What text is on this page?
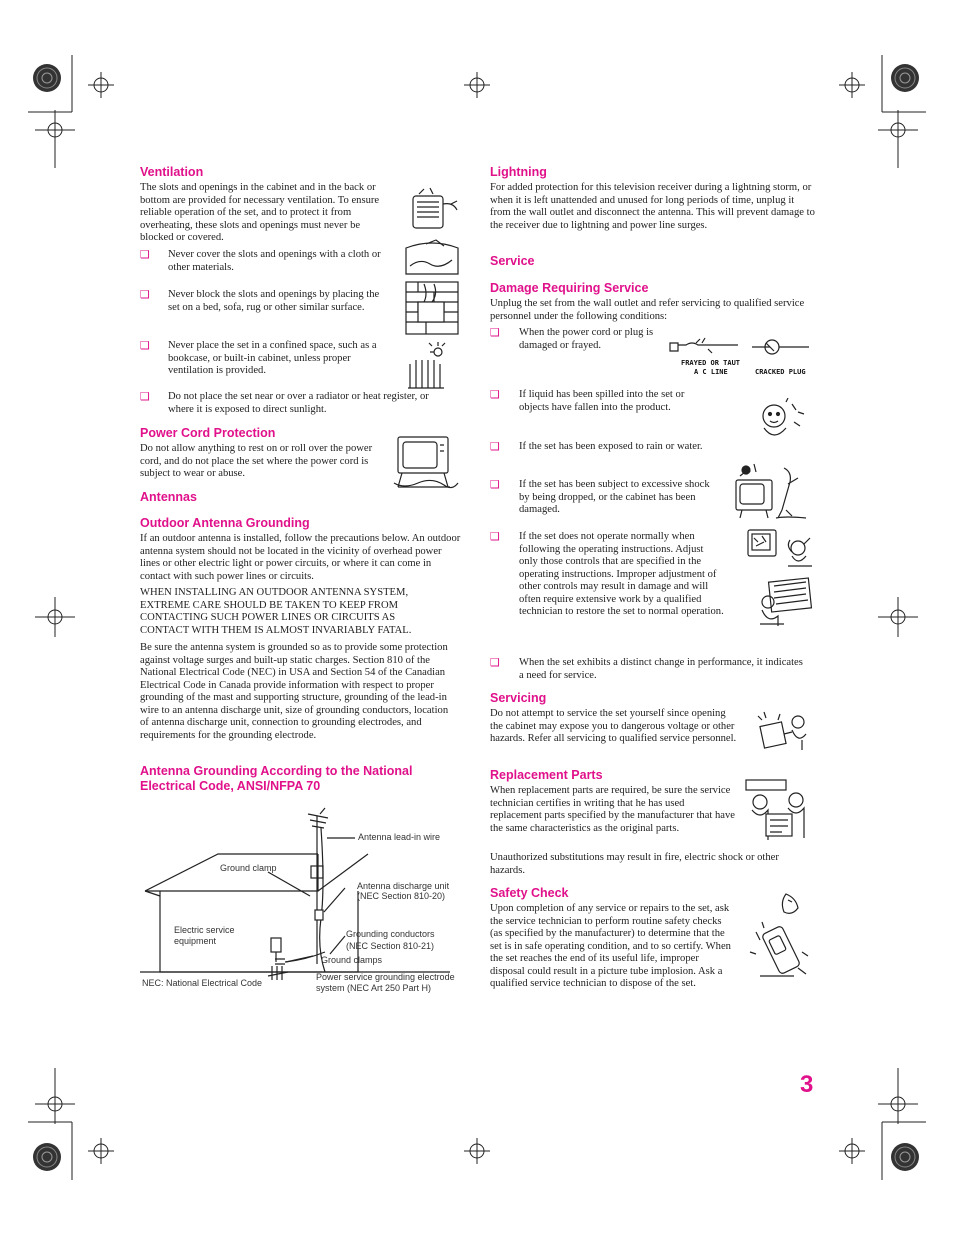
Ventilation
The slots and openings in the cabinet and in the back or bottom are provided for necessary ventilation. To ensure reliable operation of the set, and to protect it from overheating, these slots and openings must never be blocked or covered.
❑ Never cover the slots and openings with a cloth or other materials.
❑ Never block the slots and openings by placing the set on a bed, sofa, rug or other similar surface.
❑ Never place the set in a confined space, such as a bookcase, or built-in cabinet, unless proper ventilation is provided.
❑ Do not place the set near or over a radiator or heat register, or where it is exposed to direct sunlight.
Power Cord Protection
Do not allow anything to rest on or roll over the power cord, and do not place the set where the power cord is subject to wear or abuse.
Antennas
Outdoor Antenna Grounding
If an outdoor antenna is installed, follow the precautions below. An outdoor antenna system should not be located in the vicinity of overhead power lines or other electric light or power circuits, or where it can come in contact with such power lines or circuits.
WHEN INSTALLING AN OUTDOOR ANTENNA SYSTEM, EXTREME CARE SHOULD BE TAKEN TO KEEP FROM CONTACTING SUCH POWER LINES OR CIRCUITS AS CONTACT WITH THEM IS ALMOST INVARIABLY FATAL.
Be sure the antenna system is grounded so as to provide some protection against voltage surges and built-up static charges. Section 810 of the National Electrical Code (NEC) in USA and Section 54 of the Canadian Electrical Code in Canada provide information with respect to proper grounding of the mast and supporting structure, grounding of the lead-in wire to an antenna discharge unit, size of grounding conductors, location of antenna discharge unit, connection to grounding electrodes, and requirements for the grounding electrode.
Antenna Grounding According to the National Electrical Code, ANSI/NFPA 70
Antenna lead-in wire
Ground clamp
Antenna discharge unit
(NEC Section 810-20)
Electric service
equipment
Grounding conductors
(NEC Section 810-21)
Ground clamps
NEC: National Electrical Code
Power service grounding electrode
system (NEC Art 250 Part H)
Lightning
For added protection for this television receiver during a lightning storm, or when it is left unattended and unused for long periods of time, unplug it from the wall outlet and disconnect the antenna. This will prevent damage to the receiver due to lightning and power line surges.
Service
Damage Requiring Service
Unplug the set from the wall outlet and refer servicing to qualified service personnel under the following conditions:
❑ When the power cord or plug is damaged or frayed.
FRAYED OR TAUT
A C LINE	CRACKED PLUG
❑ If liquid has been spilled into the set or objects have fallen into the product.
❑ If the set has been exposed to rain or water.
❑ If the set has been subject to excessive shock by being dropped, or the cabinet has been damaged.
❑ If the set does not operate normally when following the operating instructions. Adjust only those controls that are specified in the operating instructions. Improper adjustment of other controls may result in damage and will often require extensive work by a qualified technician to restore the set to normal operation.
❑ When the set exhibits a distinct change in performance, it indicates a need for service.
Servicing
Do not attempt to service the set yourself since opening the cabinet may expose you to dangerous voltage or other hazards. Refer all servicing to qualified service personnel.
Replacement Parts
When replacement parts are required, be sure the service technician certifies in writing that he has used replacement parts specified by the manufacturer that have the same characteristics as the original parts.
Unauthorized substitutions may result in fire, electric shock or other hazards.
Safety Check
Upon completion of any service or repairs to the set, ask the service technician to perform routine safety checks (as specified by the manufacturer) to determine that the set is in safe operating condition, and to so certify. When the set reaches the end of its useful life, improper disposal could result in a picture tube implosion. Ask a qualified service technician to dispose of the set.
3
